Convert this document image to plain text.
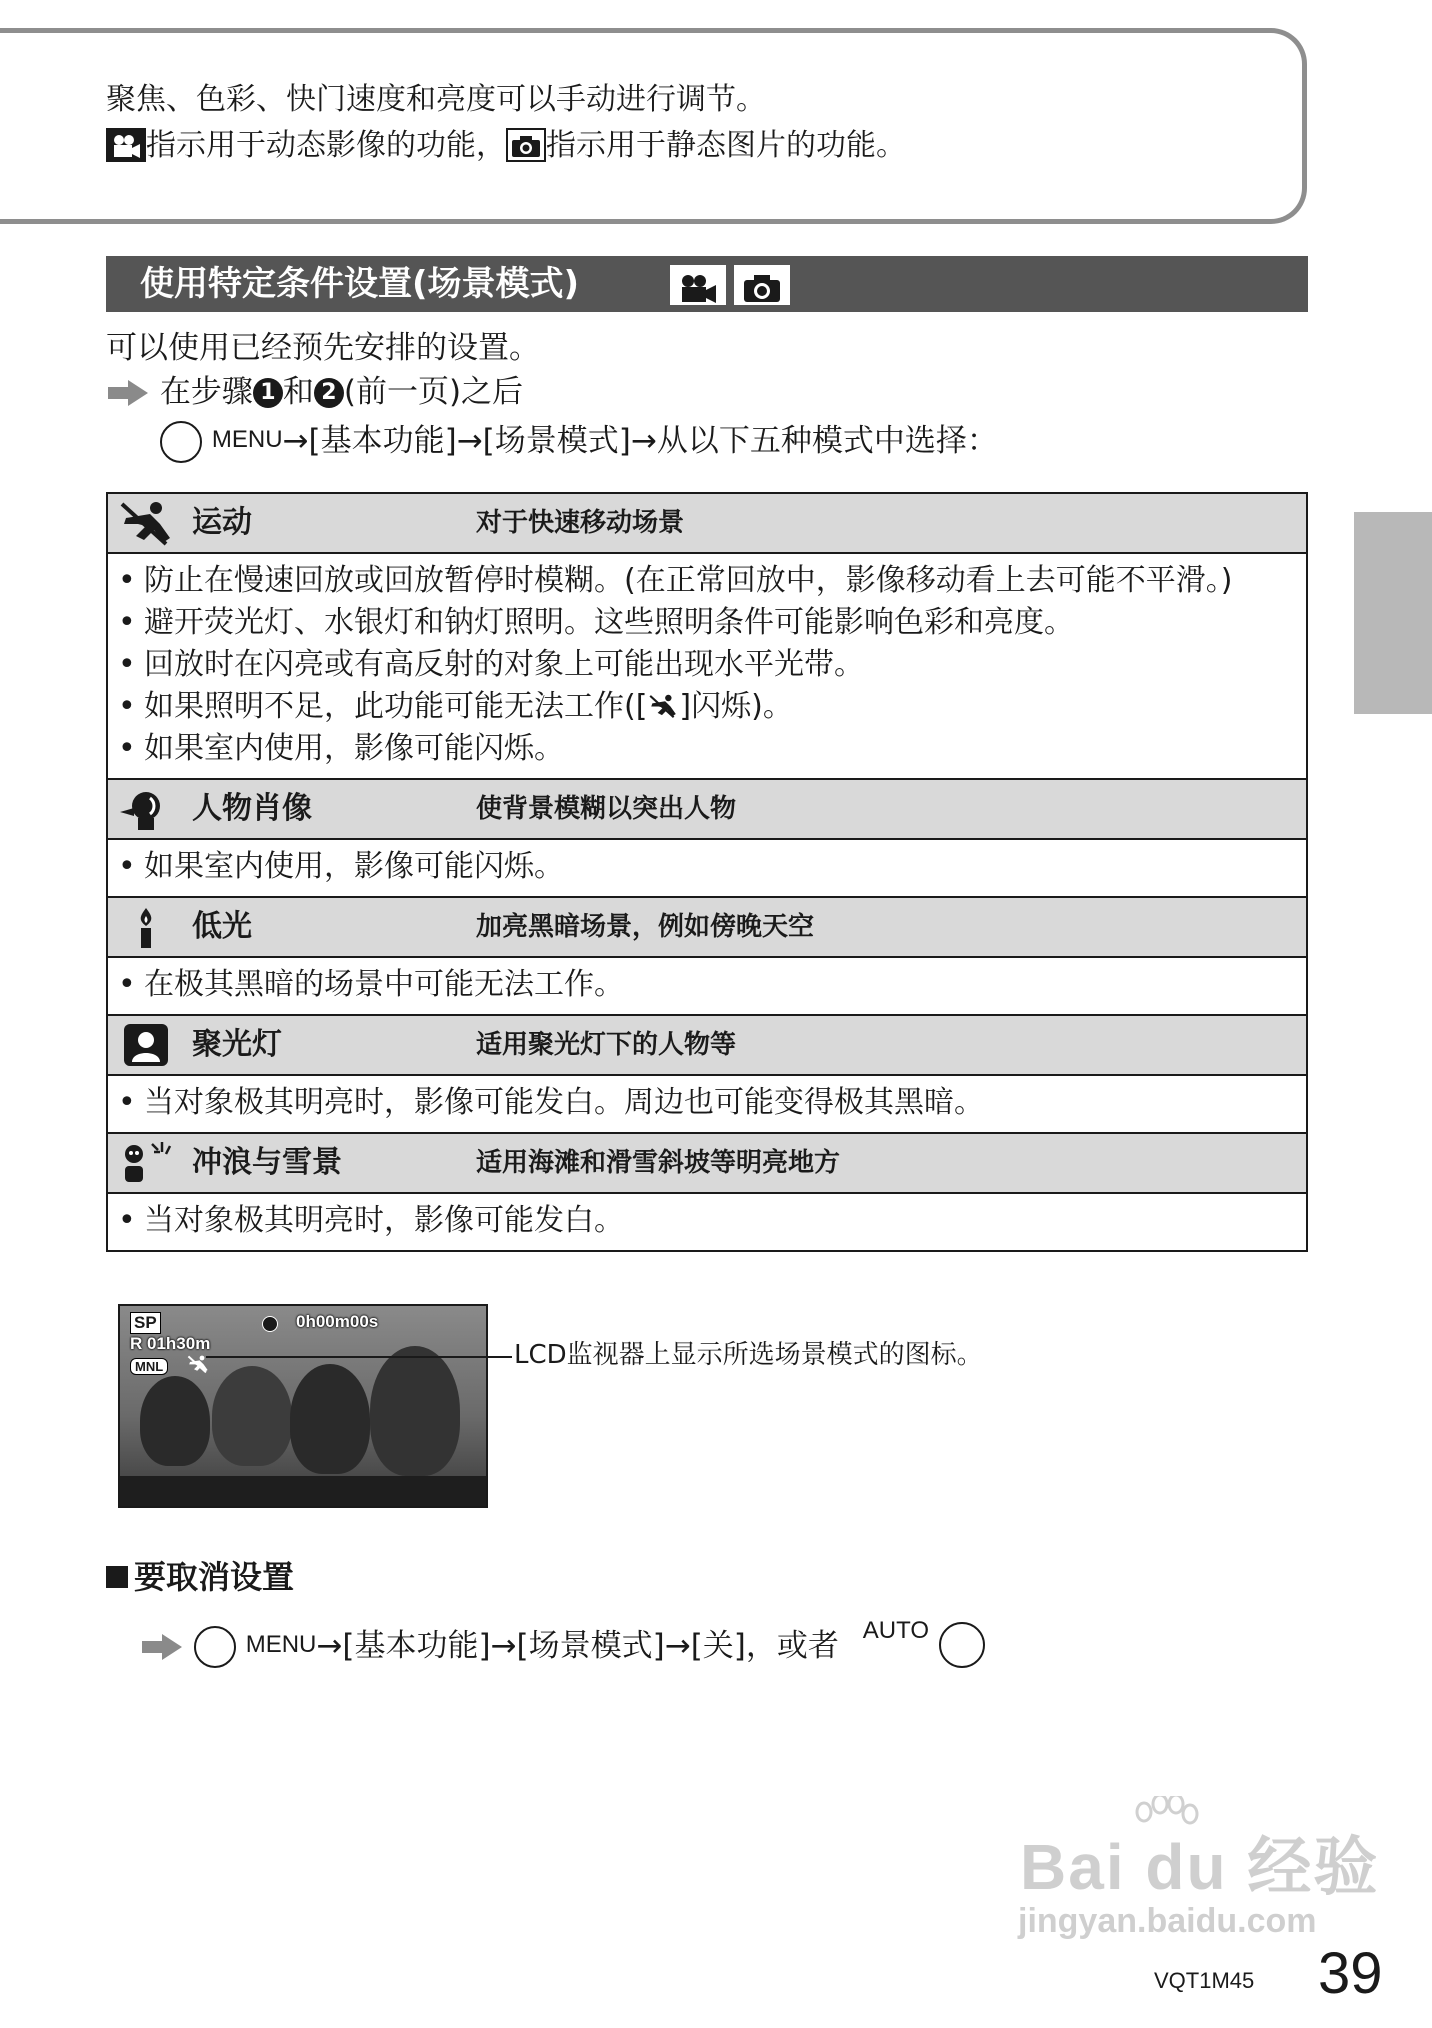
聚焦、色彩、快门速度和亮度可以手动进行调节。
指示用于动态影像的功能， 指示用于静态图片的功能。
使用特定条件设置(场景模式)
可以使用已经预先安排的设置。
在步骤 1 和 2 (前一页)之后
MENU→[基本功能]→[场景模式]→从以下五种模式中选择：
运动	对于快速移动场景
• 防止在慢速回放或回放暂停时模糊。(在正常回放中，影像移动看上去可能不平滑。)
• 避开荧光灯、水银灯和钠灯照明。这些照明条件可能影响色彩和亮度。
• 回放时在闪亮或有高反射的对象上可能出现水平光带。
• 如果照明不足，此功能可能无法工作([ ]闪烁)。
• 如果室内使用，影像可能闪烁。
人物肖像	使背景模糊以突出人物
• 如果室内使用，影像可能闪烁。
低光	加亮黑暗场景，例如傍晚天空
• 在极其黑暗的场景中可能无法工作。
聚光灯	适用聚光灯下的人物等
• 当对象极其明亮时，影像可能发白。周边也可能变得极其黑暗。
冲浪与雪景	适用海滩和滑雪斜坡等明亮地方
• 当对象极其明亮时，影像可能发白。
SP	0h00m00s
R 01h30m
MNL	LCD监视器上显示所选场景模式的图标。
要取消设置
MENU→[基本功能]→[场景模式]→[关]，或者 $^{AUTO}$
Bai du 经验
jingyan.baidu.com
VQT1M45 39
